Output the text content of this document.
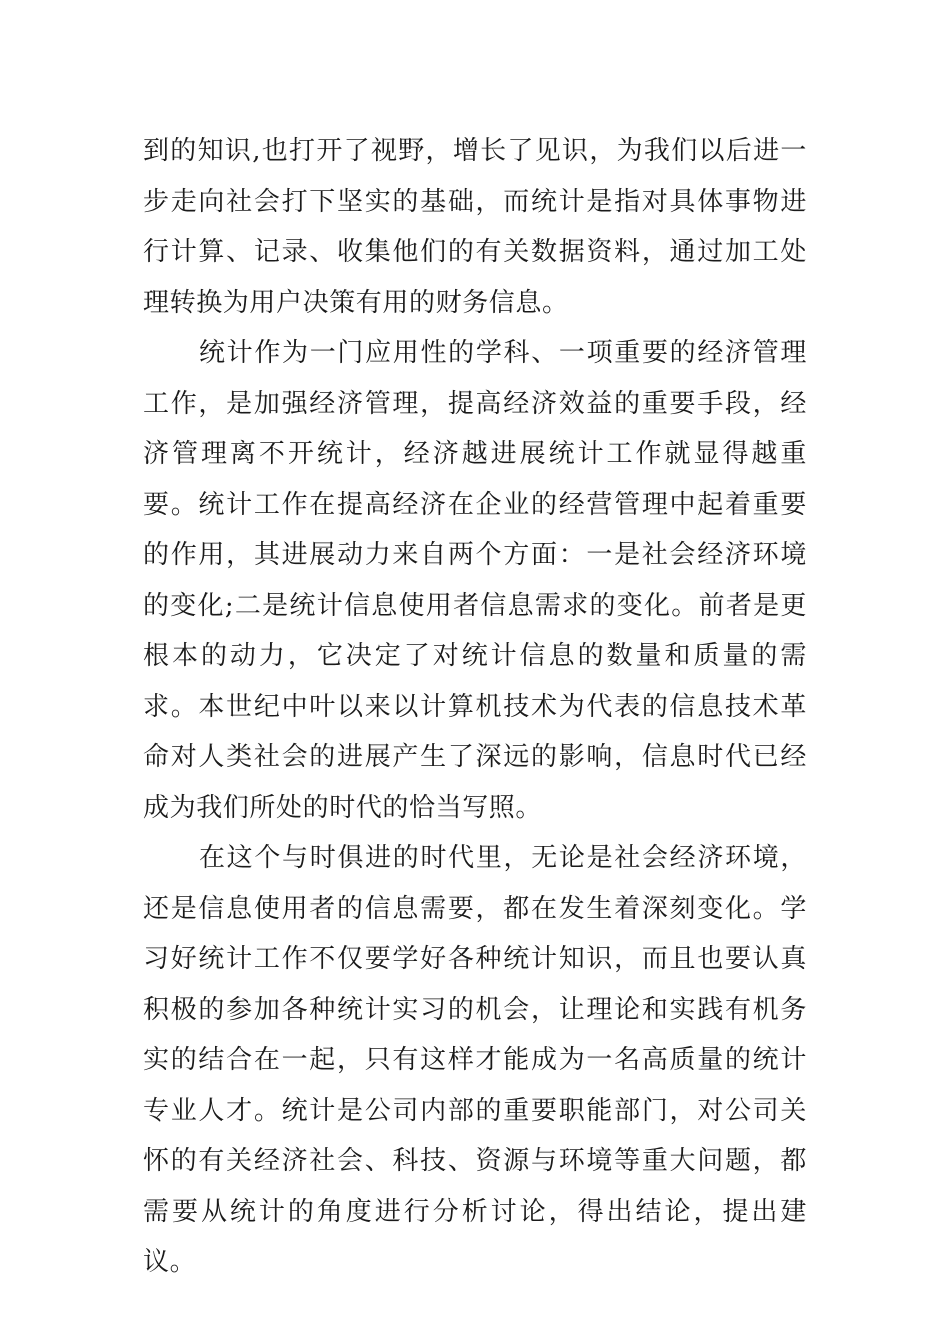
到的知识,也打开了视野，增长了见识，为我们以后进一步走向社会打下坚实的基础，而统计是指对具体事物进行计算、记录、收集他们的有关数据资料，通过加工处理转换为用户决策有用的财务信息。

统计作为一门应用性的学科、一项重要的经济管理工作，是加强经济管理，提高经济效益的重要手段，经济管理离不开统计，经济越进展统计工作就显得越重要。统计工作在提高经济在企业的经营管理中起着重要的作用，其进展动力来自两个方面：一是社会经济环境的变化;二是统计信息使用者信息需求的变化。前者是更根本的动力，它决定了对统计信息的数量和质量的需求。本世纪中叶以来以计算机技术为代表的信息技术革命对人类社会的进展产生了深远的影响，信息时代已经成为我们所处的时代的恰当写照。

在这个与时俱进的时代里，无论是社会经济环境，还是信息使用者的信息需要，都在发生着深刻变化。学习好统计工作不仅要学好各种统计知识，而且也要认真积极的参加各种统计实习的机会，让理论和实践有机务实的结合在一起，只有这样才能成为一名高质量的统计专业人才。统计是公司内部的重要职能部门，对公司关怀的有关经济社会、科技、资源与环境等重大问题，都需要从统计的角度进行分析讨论，得出结论，提出建议。
